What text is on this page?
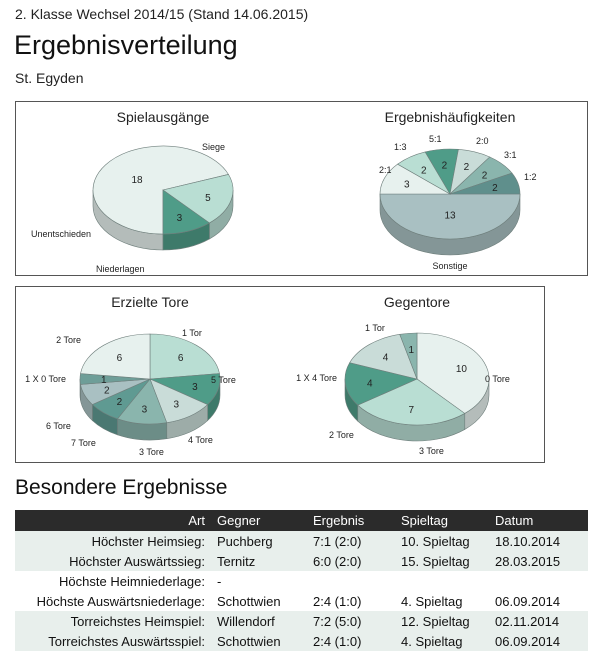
2. Klasse Wechsel 2014/15 (Stand 14.06.2015)
Ergebnisverteilung
St. Egyden
Spielausgänge
18
5
3
Siege
Niederlagen
Unentschieden
Ergebnishäufigkeiten
13
3
2 2 2
2
2
Sonstige
2:1
1:3
5:1	2:0
3:1
1:2
Erzielte Tore
6
3
3
3
2
2
1
6
1 Tor
5 Tore
4 Tore
3 Tore
7 Tore
6 Tore
1 X 0 Tore
2 Tore
Gegentore
10
7
4
4
1
1 Tor
0 Tore
3 Tore
2 Tore
1 X 4 Tore
Besondere Ergebnisse
Art	Gegner	Ergebnis	Spieltag	Datum
Höchster Heimsieg:	Puchberg	7:1 (2:0)	10. Spieltag	18.10.2014
Höchster Auswärtssieg:	Ternitz	6:0 (2:0)	15. Spieltag	28.03.2015
Höchste Heimniederlage:	-			
Höchste Auswärtsniederlage:	Schottwien	2:4 (1:0)	4. Spieltag	06.09.2014
Torreichstes Heimspiel:	Willendorf	7:2 (5:0)	12. Spieltag	02.11.2014
Torreichstes Auswärtsspiel:	Schottwien	2:4 (1:0)	4. Spieltag	06.09.2014
